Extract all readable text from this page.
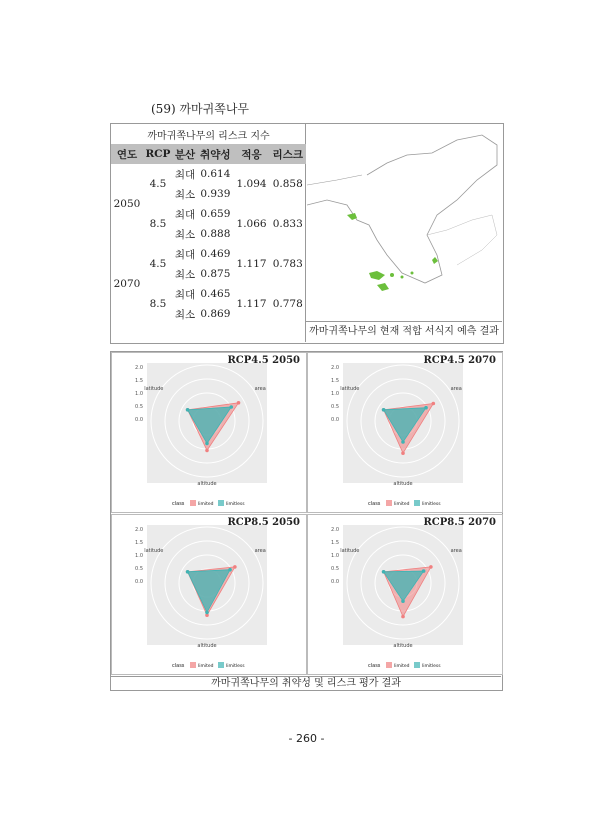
(59) 까마귀쪽나무
까마귀쪽나무의 리스크 지수					
연도	RCP	분산	취약성	적응	리스크
2050	4.5	최대	0.614	1.094	0.858
		최소	0.939		
	8.5	최대	0.659	1.066	0.833
		최소	0.888		
2070	4.5	최대	0.469	1.117	0.783
		최소	0.875		
	8.5	최대	0.465	1.117	0.778
		최소	0.869		
까마귀쪽나무의 현재 적합 서식지 예측 결과
RCP4.5 2050
2.0
1.5
1.0
0.5
0.0
area
altitude
latitude
class	limited	limitless
RCP4.5 2070
2.0
1.5
1.0
0.5
0.0
area
altitude
latitude
class	limited	limitless
RCP8.5 2050
2.0
1.5
1.0
0.5
0.0
area
altitude
latitude
class	limited	limitless
RCP8.5 2070
2.0
1.5
1.0
0.5
0.0
area
altitude
latitude
class	limited	limitless
까마귀쪽나무의 취약성 및 리스크 평가 결과
- 260 -
